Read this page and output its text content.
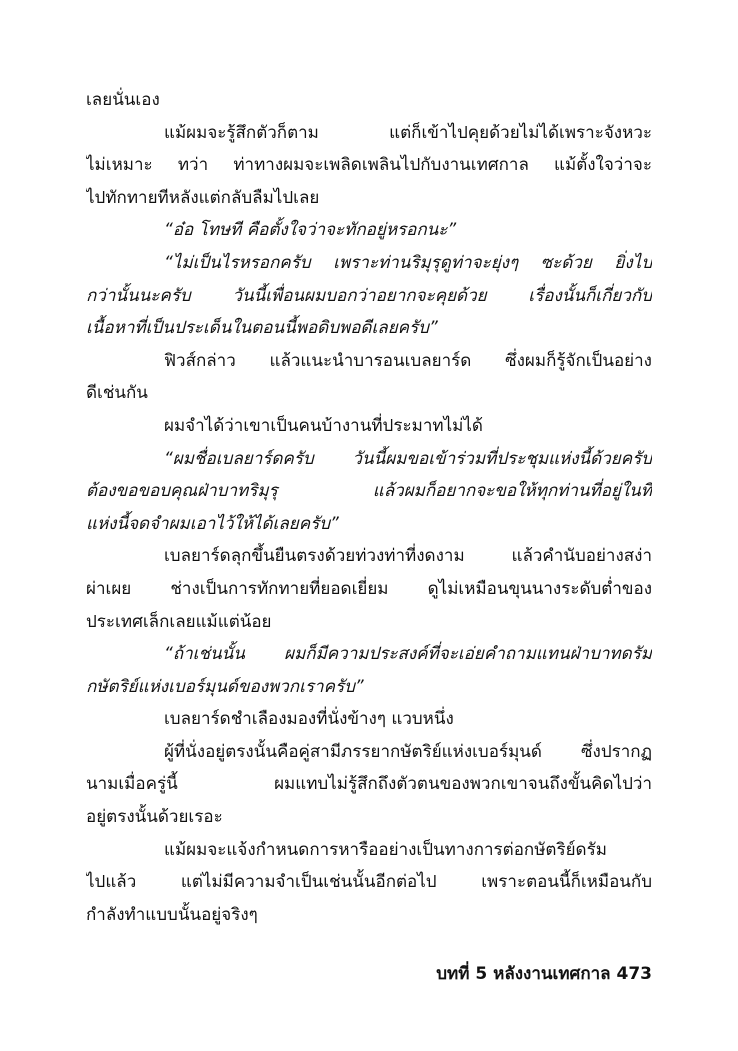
เลยนั่นเอง
แม้ผมจะรู้สึกตัวก็ตาม แต่ก็เข้าไปคุยด้วยไม่ได้เพราะจังหวะ
ไม่เหมาะ ทว่า ท่าทางผมจะเพลิดเพลินไปกับงานเทศกาล แม้ตั้งใจว่าจะ
ไปทักทายทีหลังแต่กลับลืมไปเลย
“อ๋อ โทษที คือตั้งใจว่าจะทักอยู่หรอกนะ”
“ไม่เป็นไรหรอกครับ เพราะท่านริมุรุดูท่าจะยุ่งๆ ซะด้วย ยิ่งไป
กว่านั้นนะครับ วันนี้เพื่อนผมบอกว่าอยากจะคุยด้วย เรื่องนั้นก็เกี่ยวกับ
เนื้อหาที่เป็นประเด็นในตอนนี้พอดิบพอดีเลยครับ”
ฟิวส์กล่าว แล้วแนะนำบารอนเบลยาร์ด ซึ่งผมก็รู้จักเป็นอย่าง
ดีเช่นกัน
ผมจำได้ว่าเขาเป็นคนบ้างานที่ประมาทไม่ได้
“ผมชื่อเบลยาร์ดครับ วันนี้ผมขอเข้าร่วมที่ประชุมแห่งนี้ด้วยครับ
ต้องขอขอบคุณฝ่าบาทริมุรุ แล้วผมก็อยากจะขอให้ทุกท่านที่อยู่ในที่
แห่งนี้จดจำผมเอาไว้ให้ได้เลยครับ”
เบลยาร์ดลุกขึ้นยืนตรงด้วยท่วงท่าที่งดงาม แล้วคำนับอย่างสง่า
ผ่าเผย ช่างเป็นการทักทายที่ยอดเยี่ยม ดูไม่เหมือนขุนนางระดับต่ำของ
ประเทศเล็กเลยแม้แต่น้อย
“ถ้าเช่นนั้น ผมก็มีความประสงค์ที่จะเอ่ยคำถามแทนฝ่าบาทดรัม
กษัตริย์แห่งเบอร์มุนด์ของพวกเราครับ”
เบลยาร์ดชำเลืองมองที่นั่งข้างๆ แวบหนึ่ง
ผู้ที่นั่งอยู่ตรงนั้นคือคู่สามีภรรยากษัตริย์แห่งเบอร์มุนด์ ซึ่งปรากฏ
นามเมื่อครู่นี้ ผมแทบไม่รู้สึกถึงตัวตนของพวกเขาจนถึงขั้นคิดไปว่า
อยู่ตรงนั้นด้วยเรอะ
แม้ผมจะแจ้งกำหนดการหารืออย่างเป็นทางการต่อกษัตริย์ดรัม
ไปแล้ว แต่ไม่มีความจำเป็นเช่นนั้นอีกต่อไป เพราะตอนนี้ก็เหมือนกับ
กำลังทำแบบนั้นอยู่จริงๆ
บทที่ 5 หลังงานเทศกาล 473
